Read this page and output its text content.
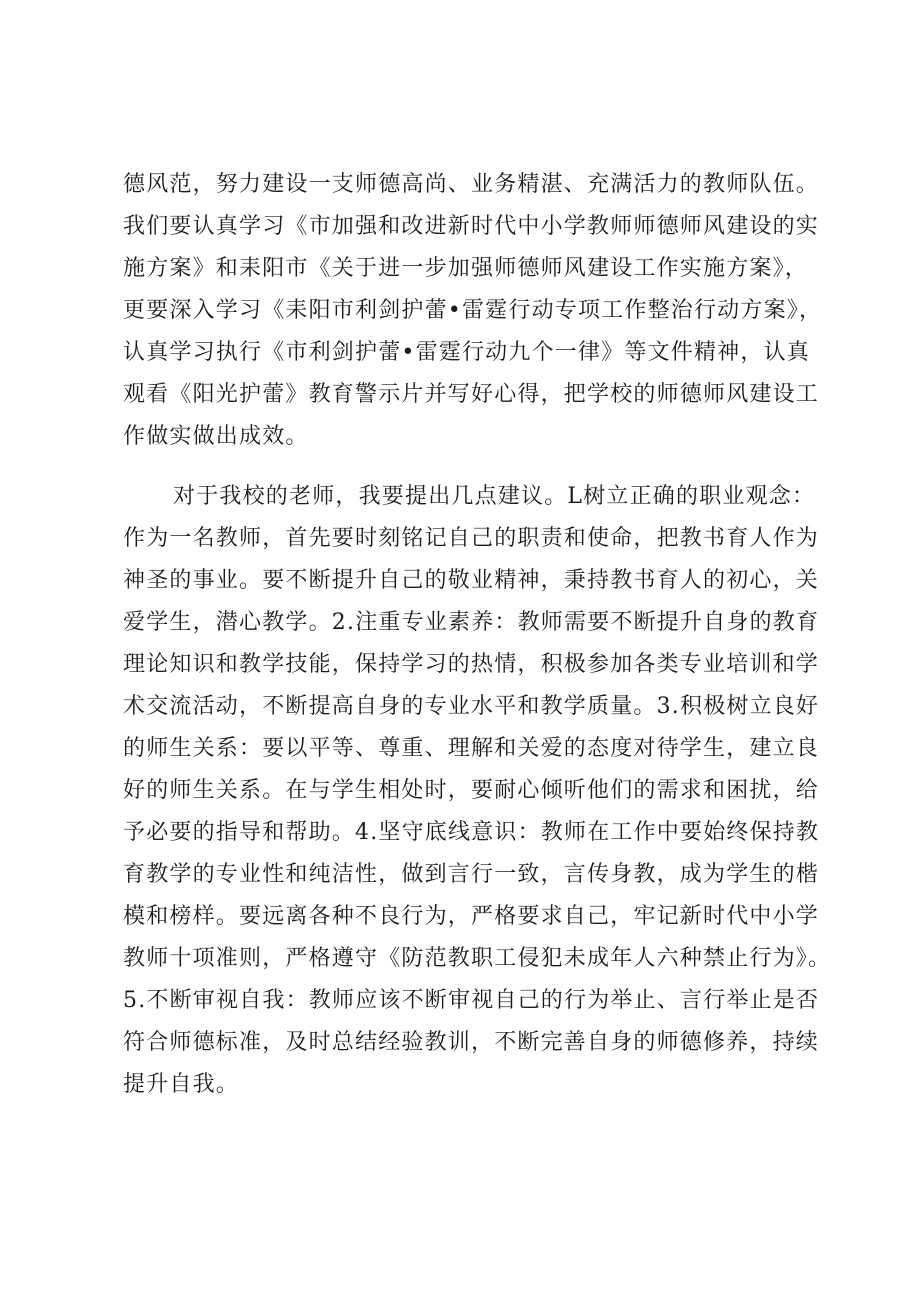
德风范，努力建设一支师德高尚、业务精湛、充满活力的教师队伍。
我们要认真学习《市加强和改进新时代中小学教师师德师风建设的实
施方案》和耒阳市《关于进一步加强师德师风建设工作实施方案》，
更要深入学习《耒阳市利剑护蕾•雷霆行动专项工作整治行动方案》，
认真学习执行《市利剑护蕾•雷霆行动九个一律》等文件精神，认真
观看《阳光护蕾》教育警示片并写好心得，把学校的师德师风建设工
作做实做出成效。
对于我校的老师，我要提出几点建议。L树立正确的职业观念：
作为一名教师，首先要时刻铭记自己的职责和使命，把教书育人作为
神圣的事业。要不断提升自己的敬业精神，秉持教书育人的初心，关
爱学生，潜心教学。2.注重专业素养：教师需要不断提升自身的教育
理论知识和教学技能，保持学习的热情，积极参加各类专业培训和学
术交流活动，不断提高自身的专业水平和教学质量。3.积极树立良好
的师生关系：要以平等、尊重、理解和关爱的态度对待学生，建立良
好的师生关系。在与学生相处时，要耐心倾听他们的需求和困扰，给
予必要的指导和帮助。4.坚守底线意识：教师在工作中要始终保持教
育教学的专业性和纯洁性，做到言行一致，言传身教，成为学生的楷
模和榜样。要远离各种不良行为，严格要求自己，牢记新时代中小学
教师十项准则，严格遵守《防范教职工侵犯未成年人六种禁止行为》。
5.不断审视自我：教师应该不断审视自己的行为举止、言行举止是否
符合师德标准，及时总结经验教训，不断完善自身的师德修养，持续
提升自我。
